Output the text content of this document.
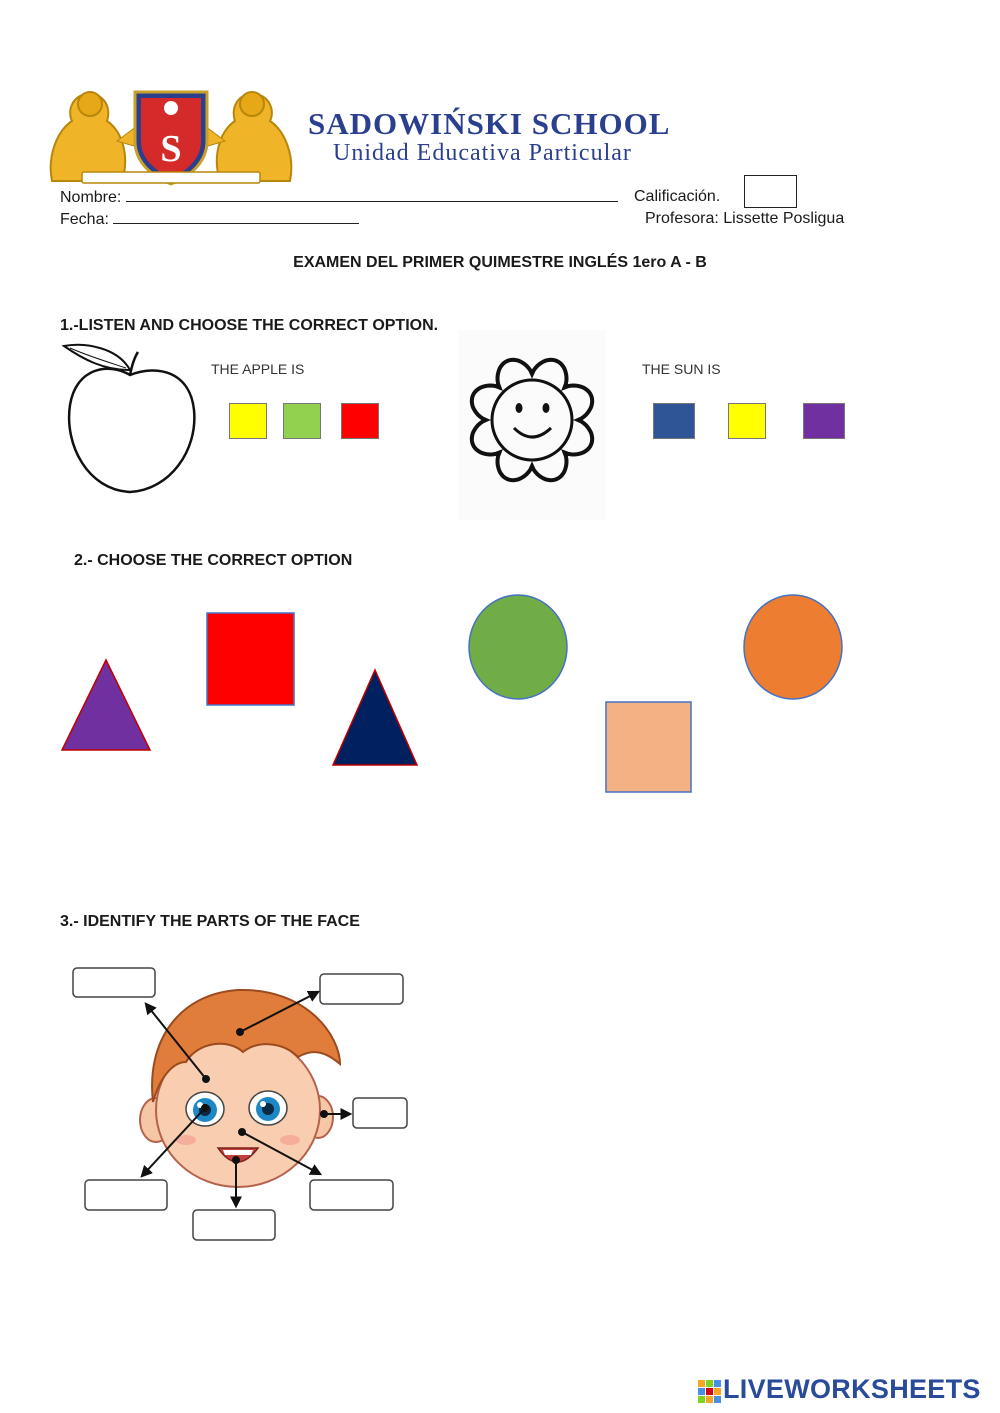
S
SADOWIŃSKI SCHOOL
Unidad Educativa Particular
Nombre:	Calificación.
Fecha:	Profesora: Lissette Posligua
EXAMEN DEL PRIMER QUIMESTRE INGLÉS 1ero A - B
1.-LISTEN AND CHOOSE THE CORRECT OPTION.
THE APPLE IS	THE SUN IS
2.- CHOOSE THE CORRECT OPTION
3.- IDENTIFY THE PARTS OF THE FACE
LIVEWORKSHEETS
